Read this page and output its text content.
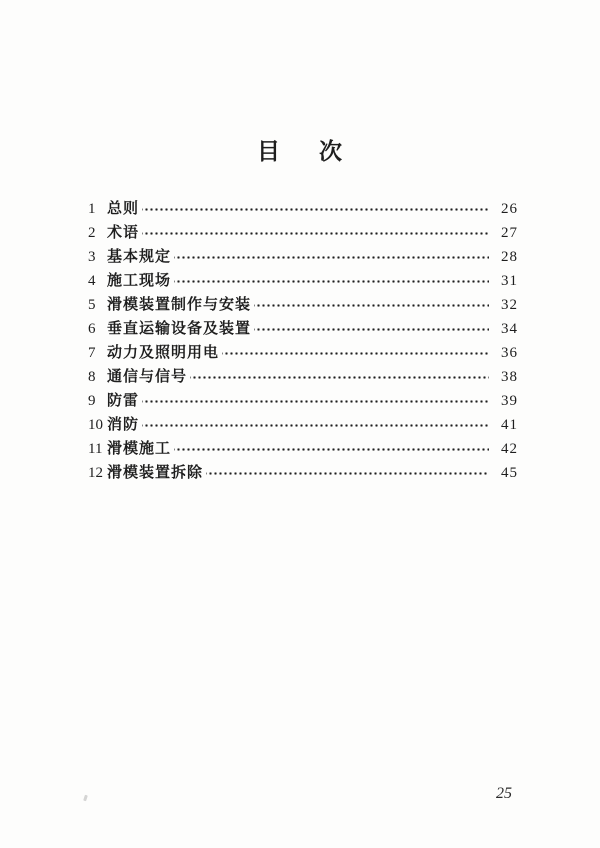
目 次
1 总则	26
2 术语	27
3 基本规定	28
4 施工现场	31
5 滑模装置制作与安装	32
6 垂直运输设备及装置	34
7 动力及照明用电	36
8 通信与信号	38
9 防雷	39
10 消防	41
11 滑模施工	42
12 滑模装置拆除	45
25
